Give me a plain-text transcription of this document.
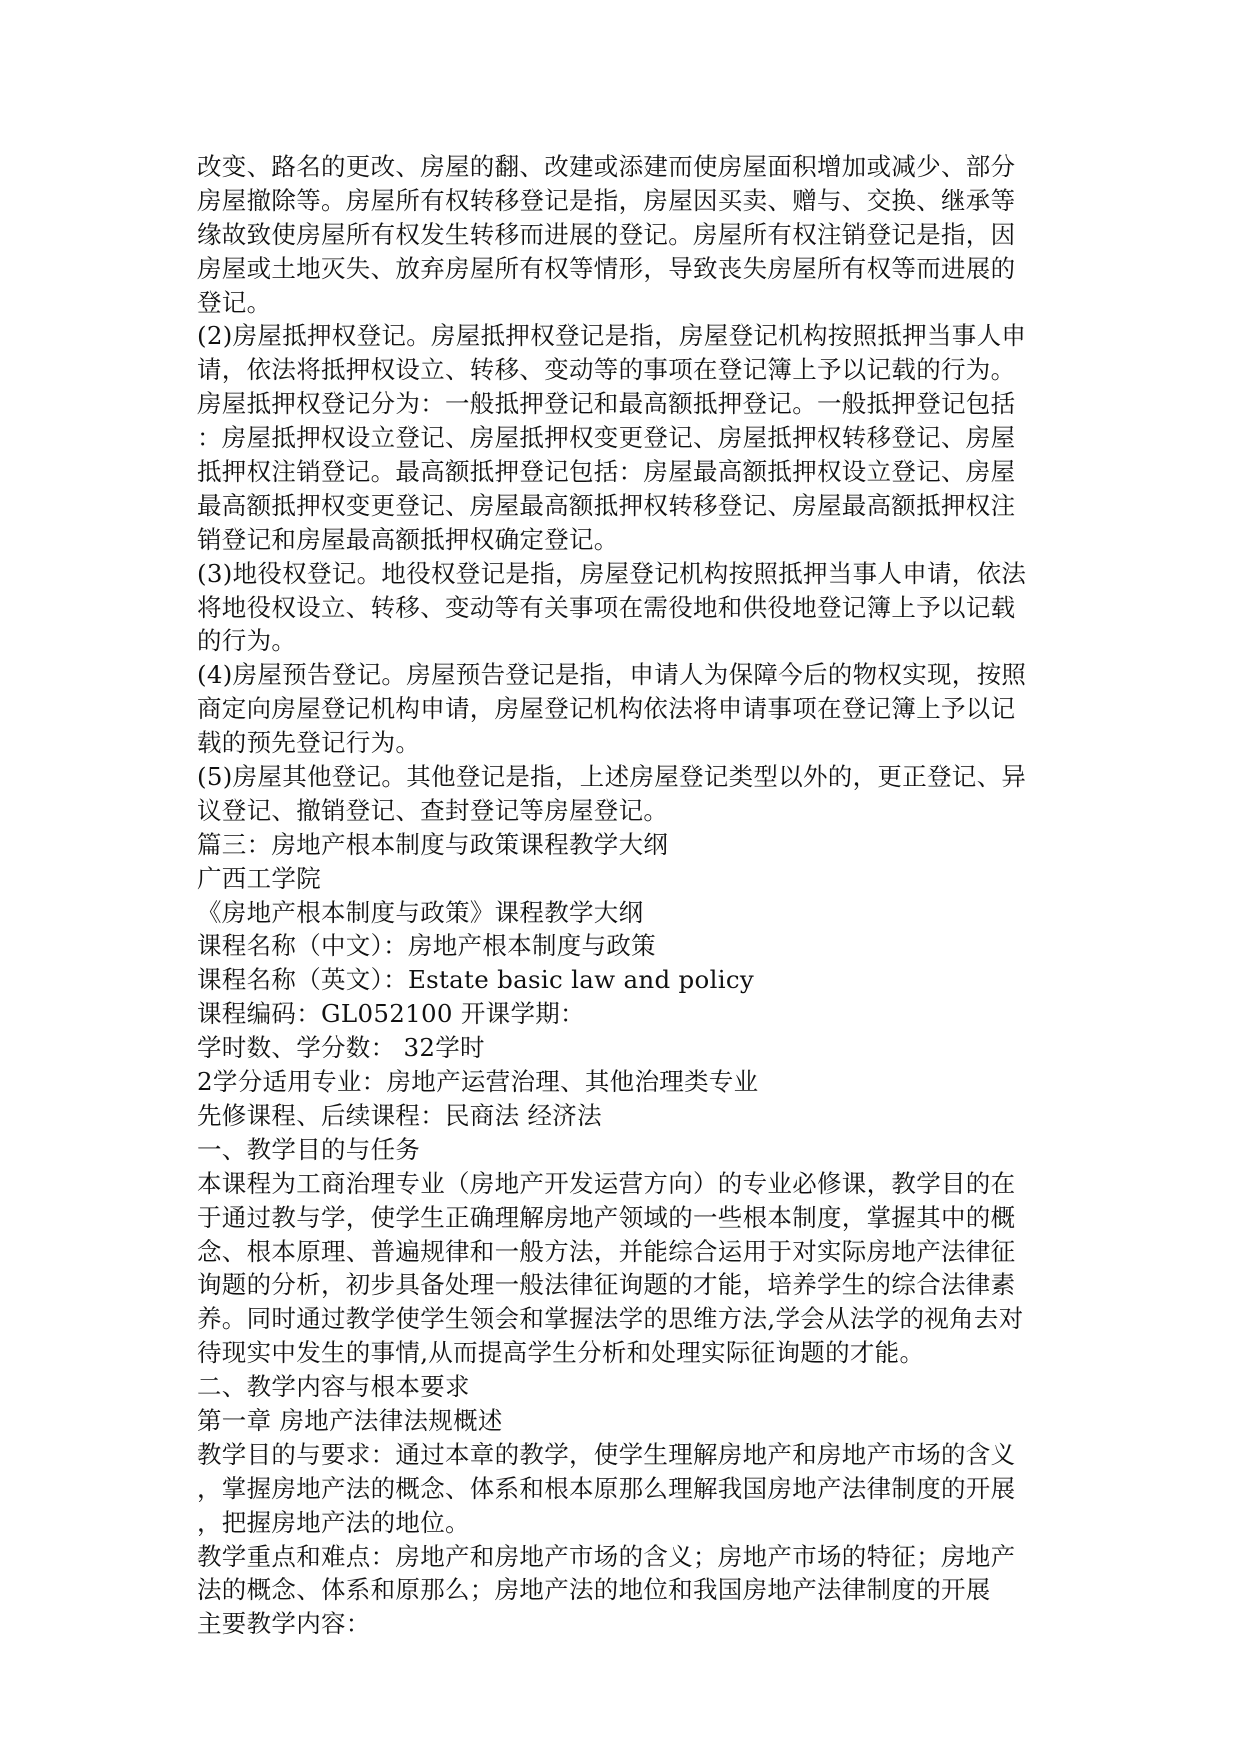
改变、路名的更改、房屋的翻、改建或添建而使房屋面积增加或减少、部分
房屋撤除等。房屋所有权转移登记是指，房屋因买卖、赠与、交换、继承等
缘故致使房屋所有权发生转移而进展的登记。房屋所有权注销登记是指，因
房屋或土地灭失、放弃房屋所有权等情形，导致丧失房屋所有权等而进展的
登记。
(2)房屋抵押权登记。房屋抵押权登记是指，房屋登记机构按照抵押当事人申
请，依法将抵押权设立、转移、变动等的事项在登记簿上予以记载的行为。
房屋抵押权登记分为：一般抵押登记和最高额抵押登记。一般抵押登记包括
：房屋抵押权设立登记、房屋抵押权变更登记、房屋抵押权转移登记、房屋
抵押权注销登记。最高额抵押登记包括：房屋最高额抵押权设立登记、房屋
最高额抵押权变更登记、房屋最高额抵押权转移登记、房屋最高额抵押权注
销登记和房屋最高额抵押权确定登记。
(3)地役权登记。地役权登记是指，房屋登记机构按照抵押当事人申请，依法
将地役权设立、转移、变动等有关事项在需役地和供役地登记簿上予以记载
的行为。
(4)房屋预告登记。房屋预告登记是指，申请人为保障今后的物权实现，按照
商定向房屋登记机构申请，房屋登记机构依法将申请事项在登记簿上予以记
载的预先登记行为。
(5)房屋其他登记。其他登记是指，上述房屋登记类型以外的，更正登记、异
议登记、撤销登记、查封登记等房屋登记。
篇三：房地产根本制度与政策课程教学大纲
广西工学院
《房地产根本制度与政策》课程教学大纲
课程名称（中文）：房地产根本制度与政策
课程名称（英文）：Estate basic law and policy
课程编码：GL052100 开课学期：
学时数、学分数： 32学时
2学分适用专业：房地产运营治理、其他治理类专业
先修课程、后续课程：民商法 经济法
一、教学目的与任务
本课程为工商治理专业（房地产开发运营方向）的专业必修课，教学目的在
于通过教与学，使学生正确理解房地产领域的一些根本制度，掌握其中的概
念、根本原理、普遍规律和一般方法，并能综合运用于对实际房地产法律征
询题的分析，初步具备处理一般法律征询题的才能，培养学生的综合法律素
养。同时通过教学使学生领会和掌握法学的思维方法,学会从法学的视角去对
待现实中发生的事情,从而提高学生分析和处理实际征询题的才能。
二、教学内容与根本要求
第一章 房地产法律法规概述
教学目的与要求：通过本章的教学，使学生理解房地产和房地产市场的含义
，掌握房地产法的概念、体系和根本原那么理解我国房地产法律制度的开展
，把握房地产法的地位。
教学重点和难点：房地产和房地产市场的含义；房地产市场的特征；房地产
法的概念、体系和原那么；房地产法的地位和我国房地产法律制度的开展
主要教学内容：
